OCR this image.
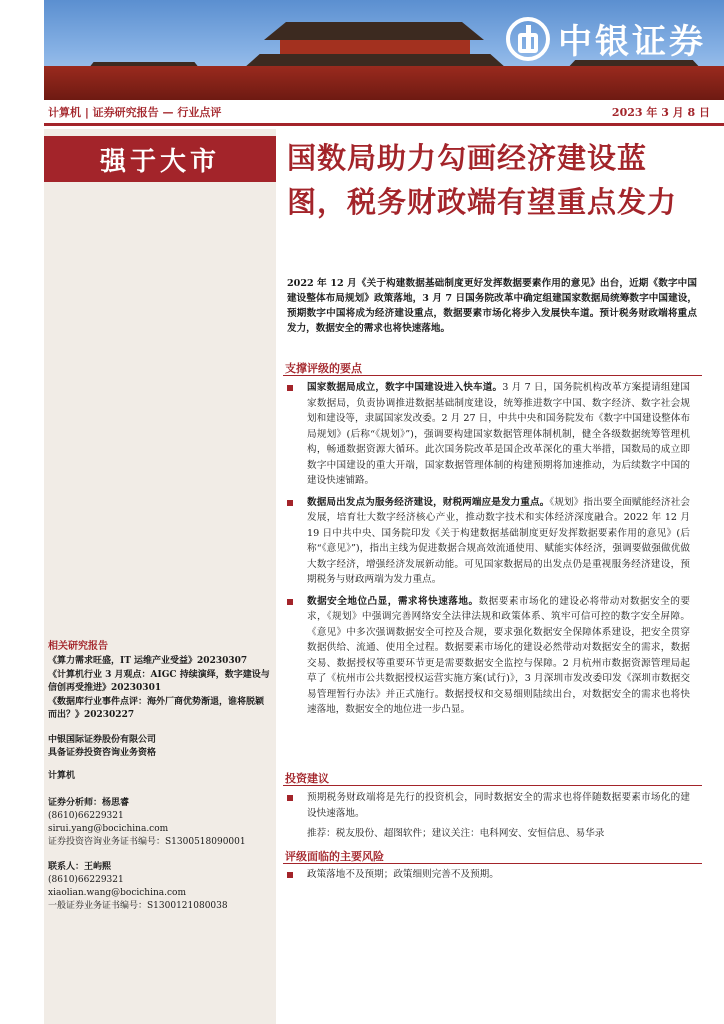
中银证券
计算机 | 证券研究报告 — 行业点评	2023 年 3 月 8 日
强于大市
相关研究报告
《算力需求旺盛，IT 运维产业受益》20230307
《计算机行业 3 月观点：AIGC 持续演绎，数字建设与信创再受推进》20230301
《数据库行业事件点评：海外厂商优势渐退，谁将脱颖而出？》20230227
中银国际证券股份有限公司
具备证券投资咨询业务资格
计算机
证券分析师：杨思睿
(8610)66229321
sirui.yang@bocichina.com
证券投资咨询业务证书编号：S1300518090001
联系人：王屿熙
(8610)66229321
xiaolian.wang@bocichina.com
一般证券业务证书编号：S1300121080038
国数局助力勾画经济建设蓝图，税务财政端有望重点发力
2022 年 12 月《关于构建数据基础制度更好发挥数据要素作用的意见》出台，近期《数字中国建设整体布局规划》政策落地，3 月 7 日国务院改革中确定组建国家数据局统筹数字中国建设，预期数字中国将成为经济建设重点，数据要素市场化将步入发展快车道。预计税务财政端将重点发力，数据安全的需求也将快速落地。
支撑评级的要点
国家数据局成立，数字中国建设进入快车道。3 月 7 日，国务院机构改革方案提请组建国家数据局，负责协调推进数据基础制度建设，统筹推进数字中国、数字经济、数字社会规划和建设等，隶属国家发改委。2 月 27 日，中共中央和国务院发布《数字中国建设整体布局规划》(后称“《规划》”)，强调要构建国家数据管理体制机制，健全各级数据统筹管理机构，畅通数据资源大循环。此次国务院改革是国企改革深化的重大举措，国数局的成立即数字中国建设的重大开端，国家数据管理体制的构建预期将加速推动，为后续数字中国的建设快速铺路。
数据局出发点为服务经济建设，财税两端应是发力重点。《规划》指出要全面赋能经济社会发展，培育壮大数字经济核心产业，推动数字技术和实体经济深度融合。2022 年 12 月 19 日中共中央、国务院印发《关于构建数据基础制度更好发挥数据要素作用的意见》(后称“《意见》”)，指出主线为促进数据合规高效流通使用、赋能实体经济，强调要做强做优做大数字经济，增强经济发展新动能。可见国家数据局的出发点仍是重视服务经济建设，预期税务与财政两端为发力重点。
数据安全地位凸显，需求将快速落地。数据要素市场化的建设必将带动对数据安全的要求，《规划》中强调完善网络安全法律法规和政策体系、筑牢可信可控的数字安全屏障。《意见》中多次强调数据安全可控及合规，要求强化数据安全保障体系建设，把安全贯穿数据供给、流通、使用全过程。数据要素市场化的建设必然带动对数据安全的需求，数据交易、数据授权等重要环节更是需要数据安全监控与保障。2 月杭州市数据资源管理局起草了《杭州市公共数据授权运营实施方案(试行)》，3 月深圳市发改委印发《深圳市数据交易管理暂行办法》并正式施行。数据授权和交易细则陆续出台，对数据安全的需求也将快速落地，数据安全的地位进一步凸显。
投资建议
预期税务财政端将是先行的投资机会，同时数据安全的需求也将伴随数据要素市场化的建设快速落地。
推荐：税友股份、超图软件；建议关注：电科网安、安恒信息、易华录
评级面临的主要风险
政策落地不及预期；政策细则完善不及预期。
